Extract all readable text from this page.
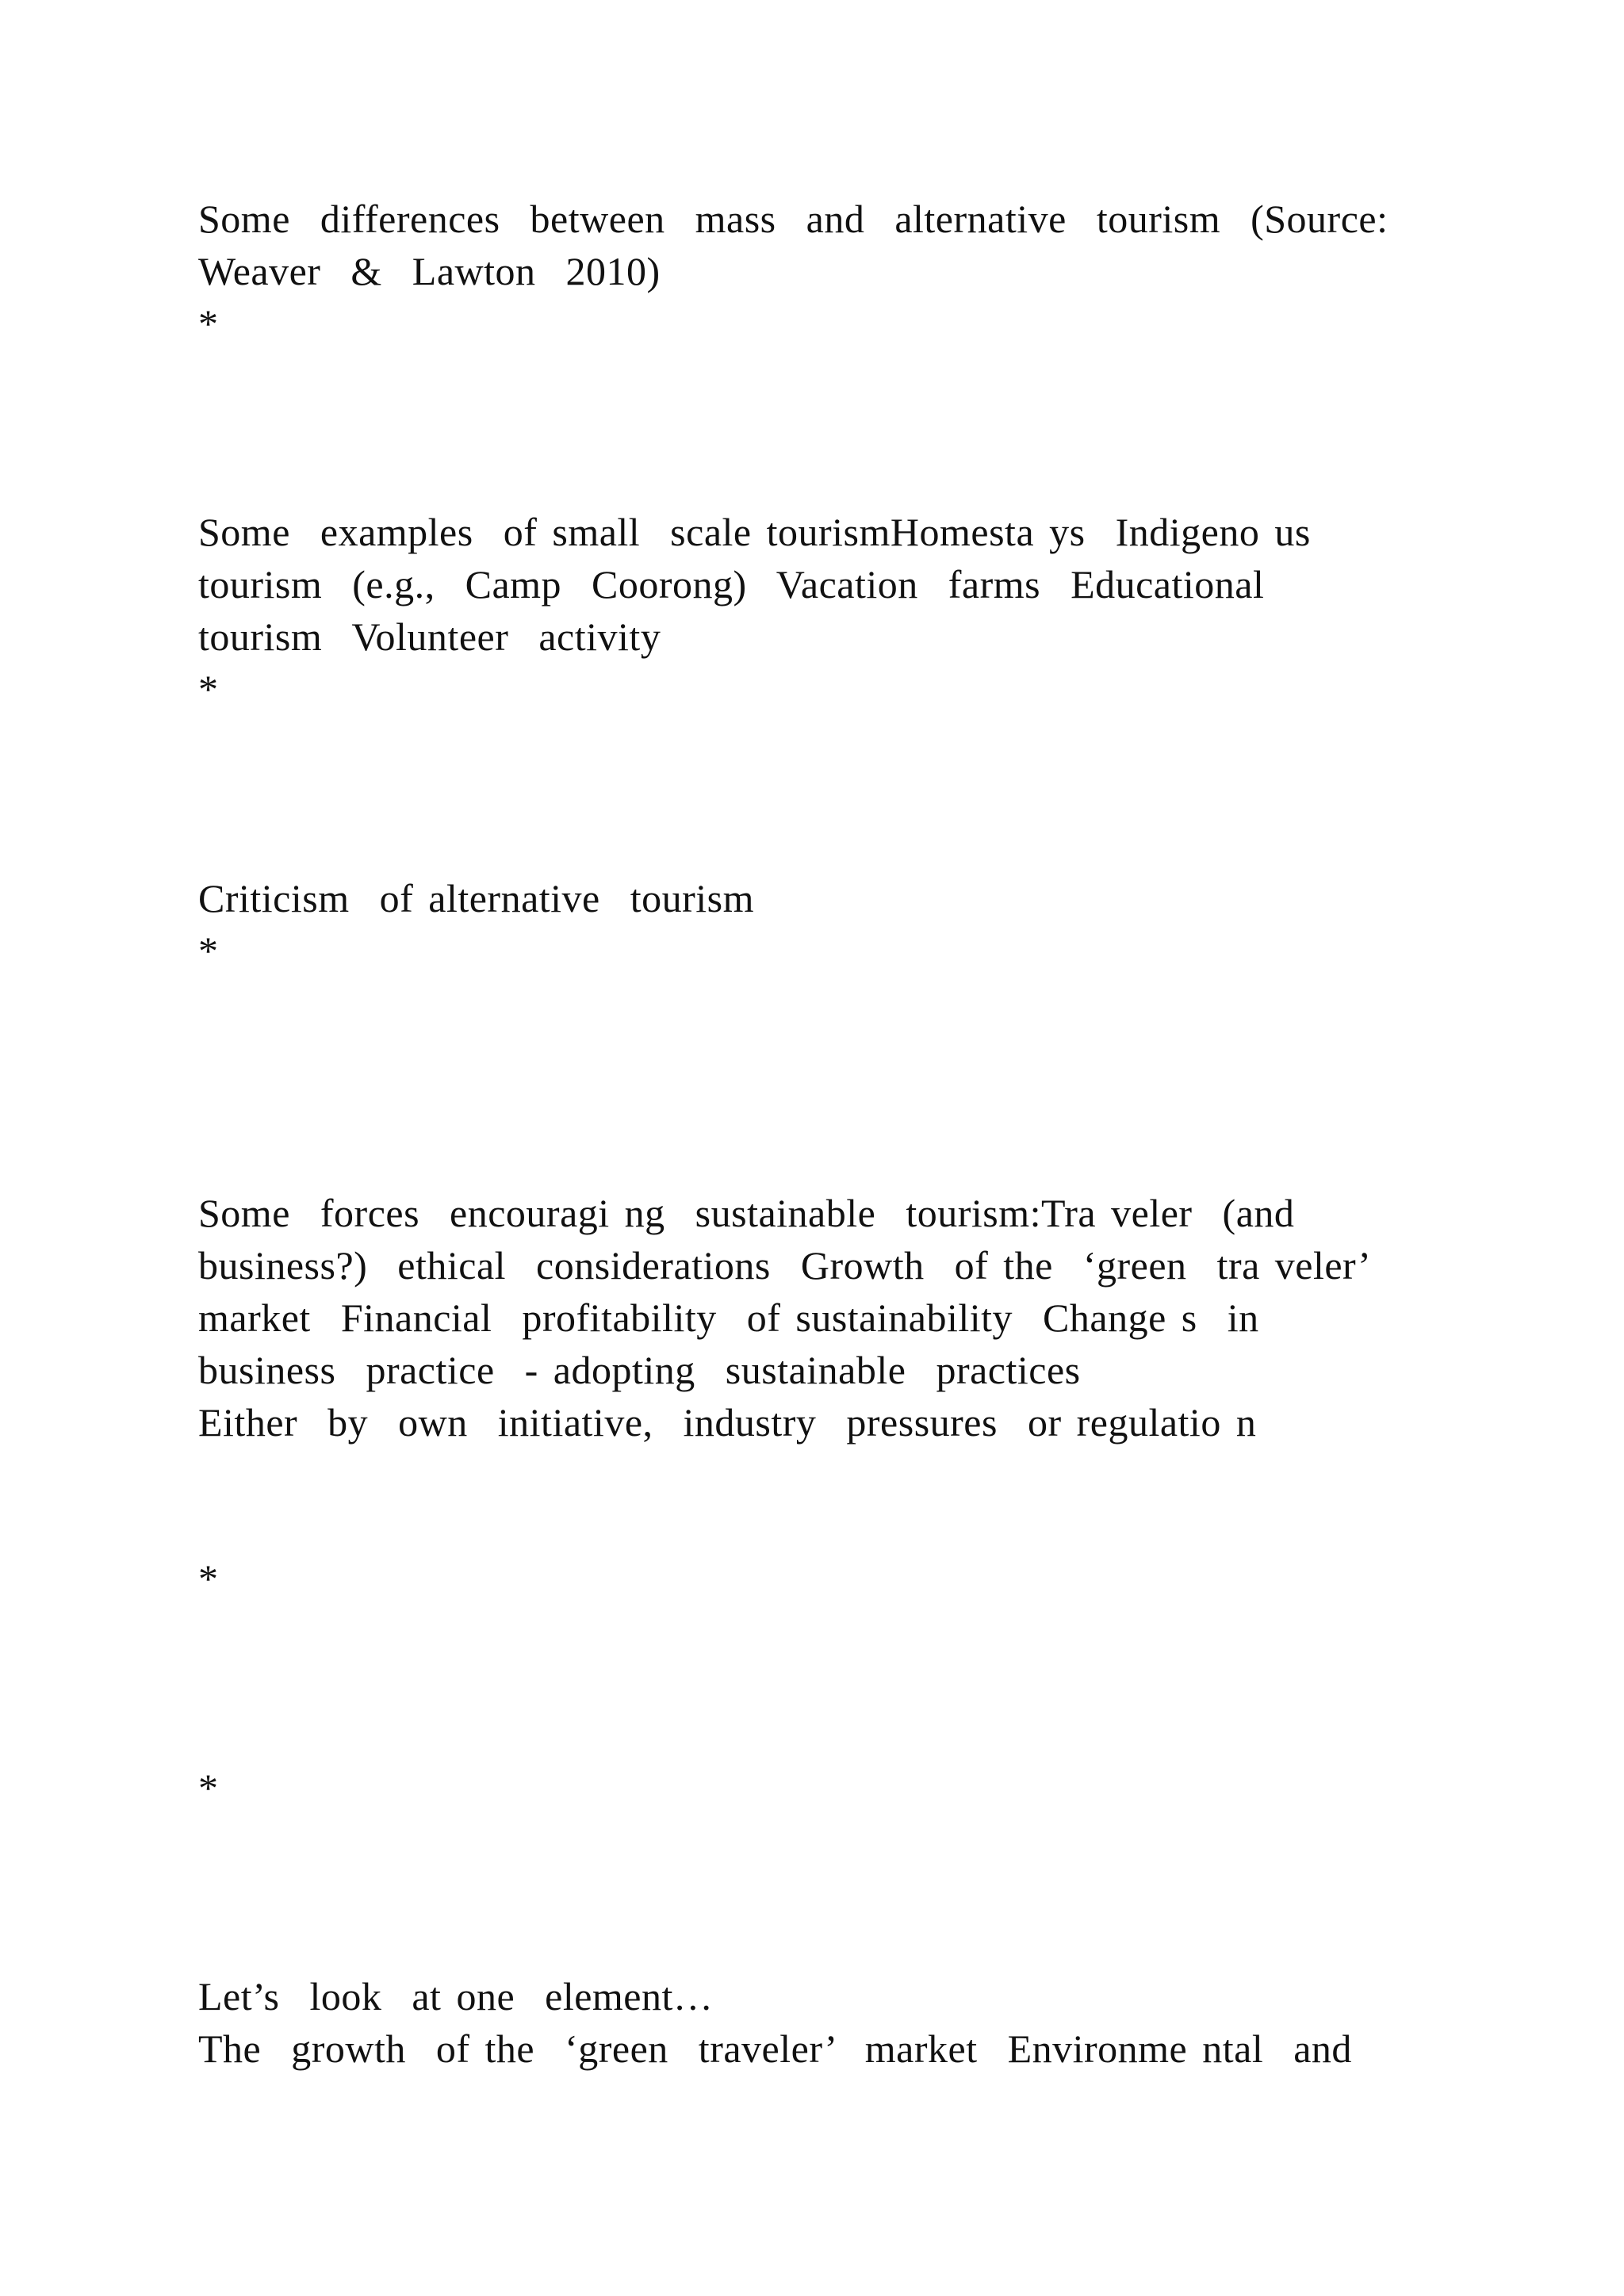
Some  differences  between  mass  and  alternative  tourism  (Source:
Weaver  &  Lawton  2010)
*
Some  examples  of small  scale tourismHomesta ys  Indigeno us
tourism  (e.g.,  Camp  Coorong)  Vacation  farms  Educational
tourism  Volunteer  activity
*
Criticism  of alternative  tourism
*
Some  forces  encouragi ng  sustainable  tourism:Tra veler  (and
business?)  ethical  considerations  Growth  of the  ‘green  tra veler’
market  Financial  profitability  of sustainability  Change s  in
business  practice  - adopting  sustainable  practices
Either  by  own  initiative,  industry  pressures  or regulatio n
*
*
Let’s  look  at one  element…
The  growth  of the  ‘green  traveler’  market  Environme ntal  and
